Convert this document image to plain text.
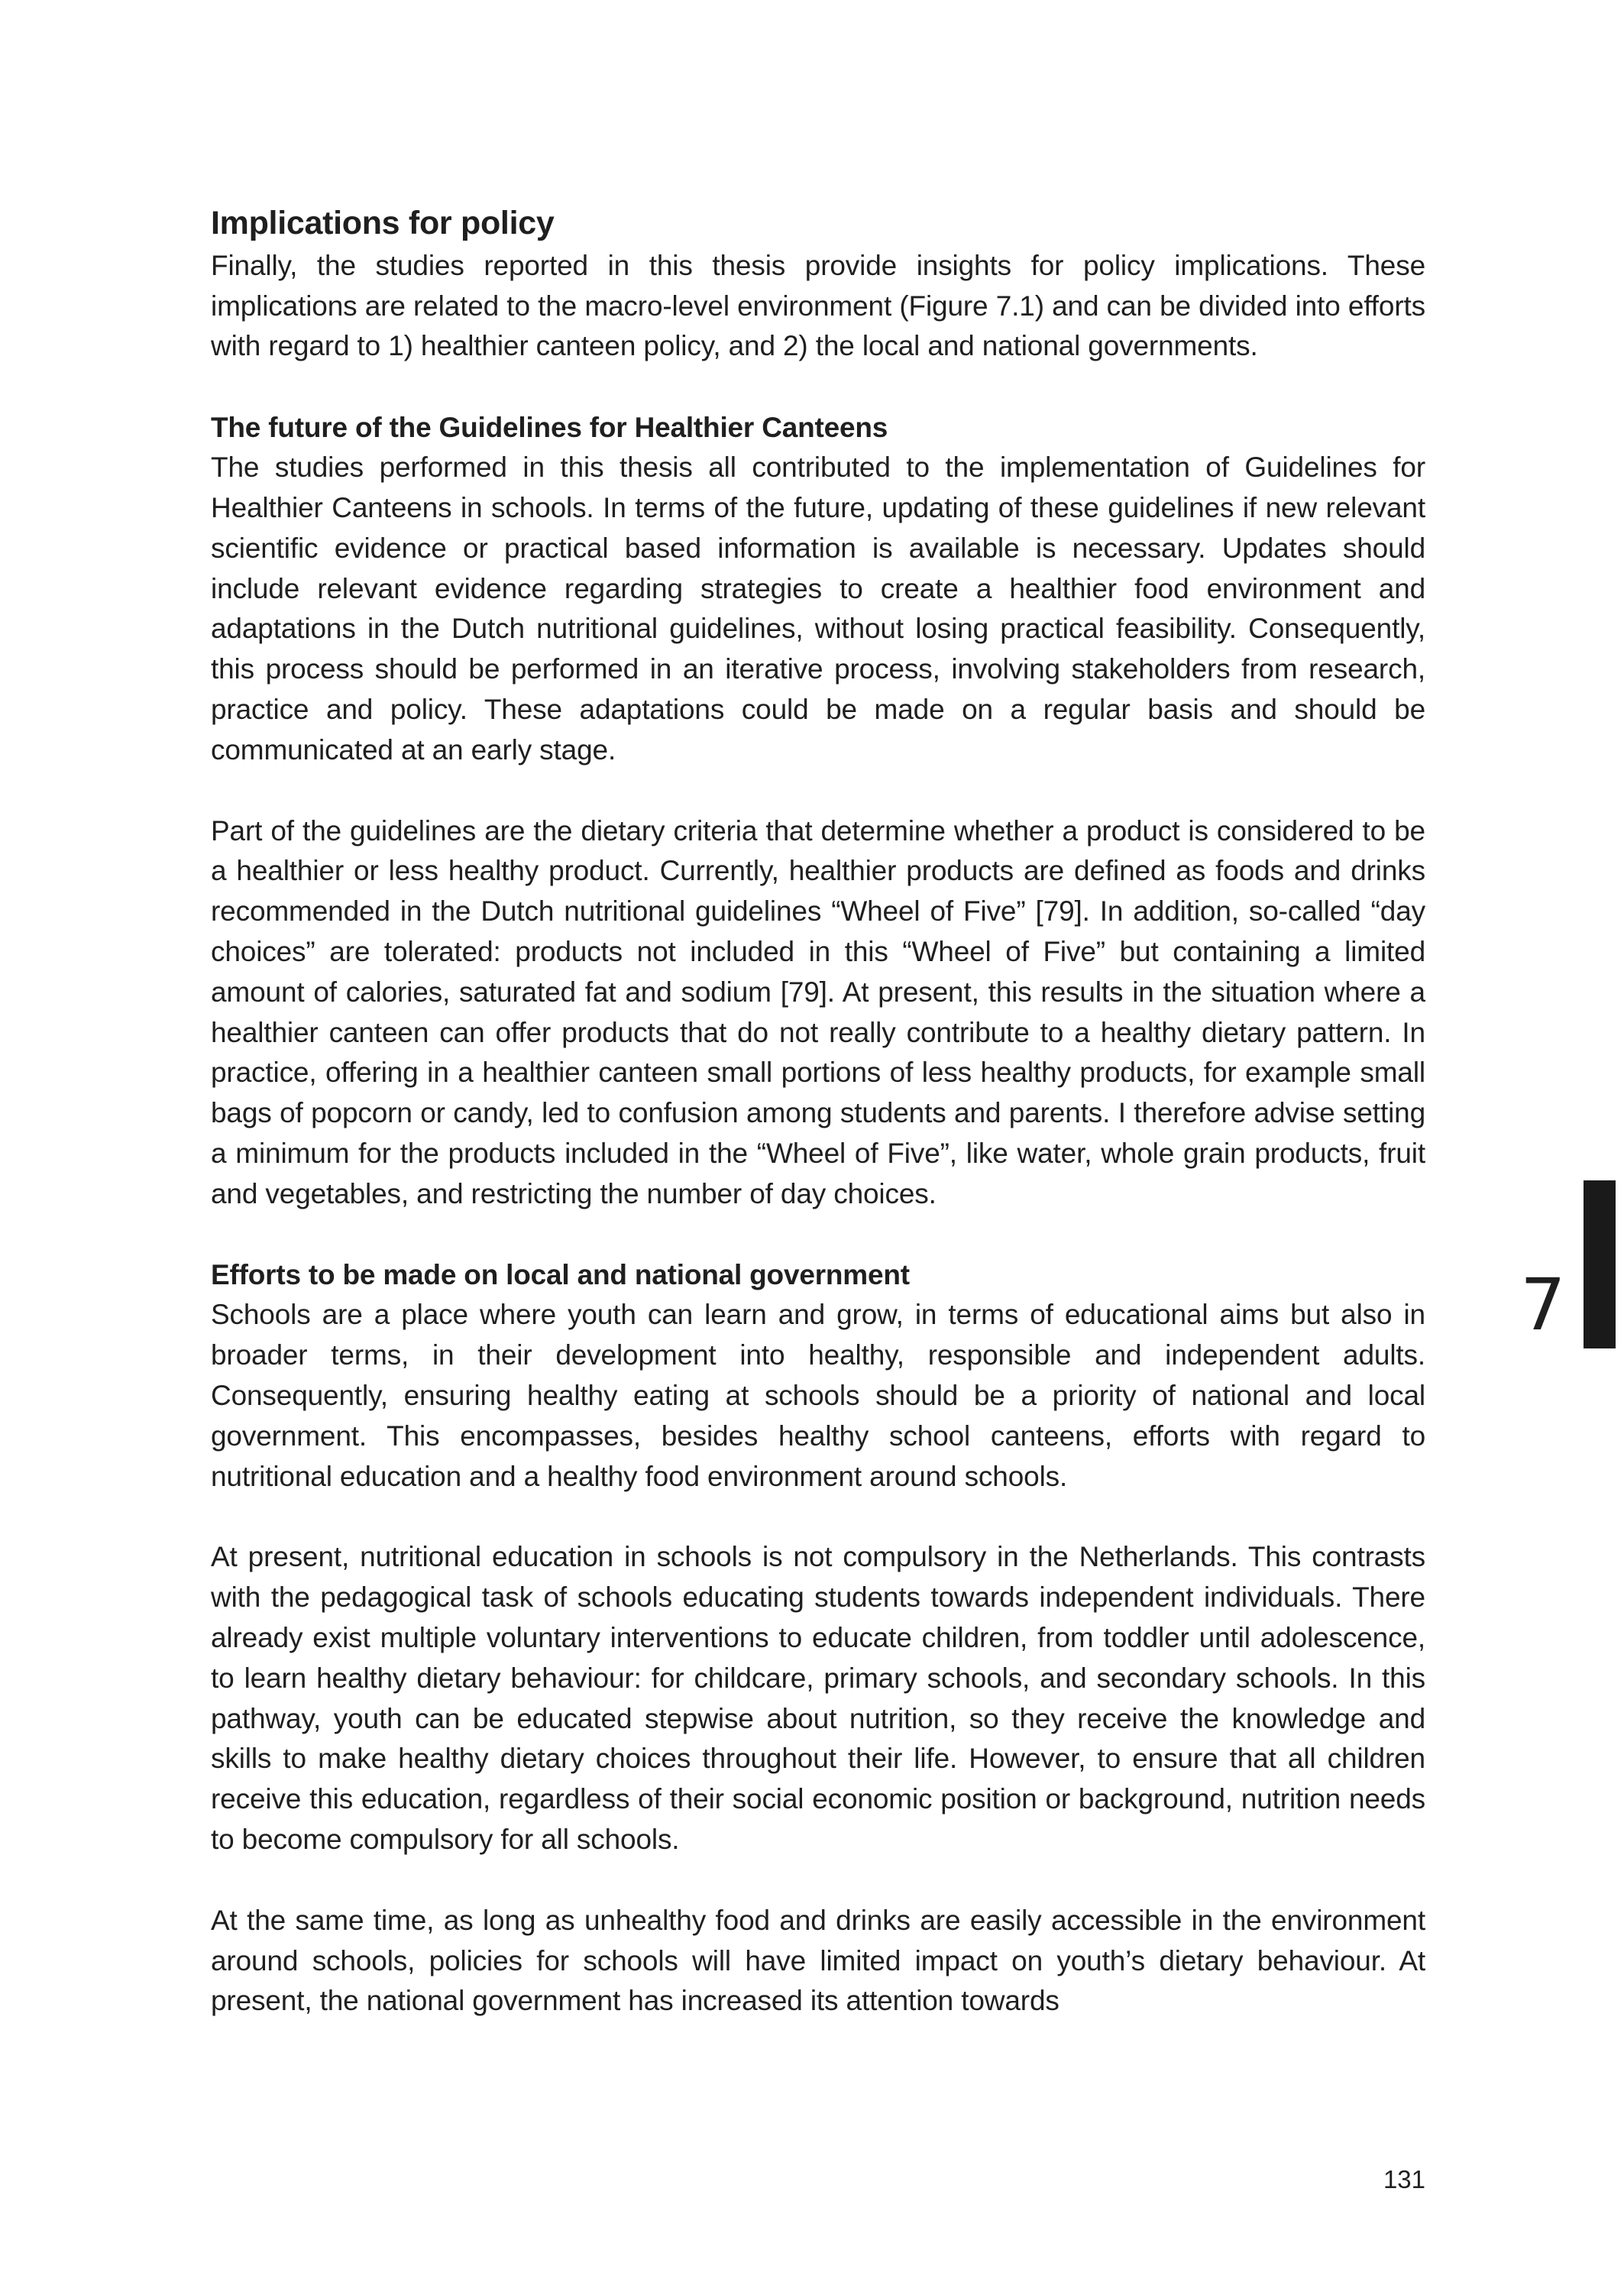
Implications for policy

Finally, the studies reported in this thesis provide insights for policy implications. These implications are related to the macro-level environment (Figure 7.1) and can be divided into efforts with regard to 1) healthier canteen policy, and 2) the local and national governments.

The future of the Guidelines for Healthier Canteens

The studies performed in this thesis all contributed to the implementation of Guidelines for Healthier Canteens in schools. In terms of the future, updating of these guidelines if new relevant scientific evidence or practical based information is available is necessary. Updates should include relevant evidence regarding strategies to create a healthier food environment and adaptations in the Dutch nutritional guidelines, without losing practical feasibility. Consequently, this process should be performed in an iterative process, involving stakeholders from research, practice and policy. These adaptations could be made on a regular basis and should be communicated at an early stage.

Part of the guidelines are the dietary criteria that determine whether a product is considered to be a healthier or less healthy product. Currently, healthier products are defined as foods and drinks recommended in the Dutch nutritional guidelines “Wheel of Five” [79]. In addition, so-called “day choices” are tolerated: products not included in this “Wheel of Five” but containing a limited amount of calories, saturated fat and sodium [79]. At present, this results in the situation where a healthier canteen can offer products that do not really contribute to a healthy dietary pattern. In practice, offering in a healthier canteen small portions of less healthy products, for example small bags of popcorn or candy, led to confusion among students and parents. I therefore advise setting a minimum for the products included in the “Wheel of Five”, like water, whole grain products, fruit and vegetables, and restricting the number of day choices.

Efforts to be made on local and national government

Schools are a place where youth can learn and grow, in terms of educational aims but also in broader terms, in their development into healthy, responsible and independent adults. Consequently, ensuring healthy eating at schools should be a priority of national and local government. This encompasses, besides healthy school canteens, efforts with regard to nutritional education and a healthy food environment around schools.

At present, nutritional education in schools is not compulsory in the Netherlands. This contrasts with the pedagogical task of schools educating students towards independent individuals. There already exist multiple voluntary interventions to educate children, from toddler until adolescence, to learn healthy dietary behaviour: for childcare, primary schools, and secondary schools. In this pathway, youth can be educated stepwise about nutrition, so they receive the knowledge and skills to make healthy dietary choices throughout their life. However, to ensure that all children receive this education, regardless of their social economic position or background, nutrition needs to become compulsory for all schools.

At the same time, as long as unhealthy food and drinks are easily accessible in the environment around schools, policies for schools will have limited impact on youth’s dietary behaviour. At present, the national government has increased its attention towards

7
131
